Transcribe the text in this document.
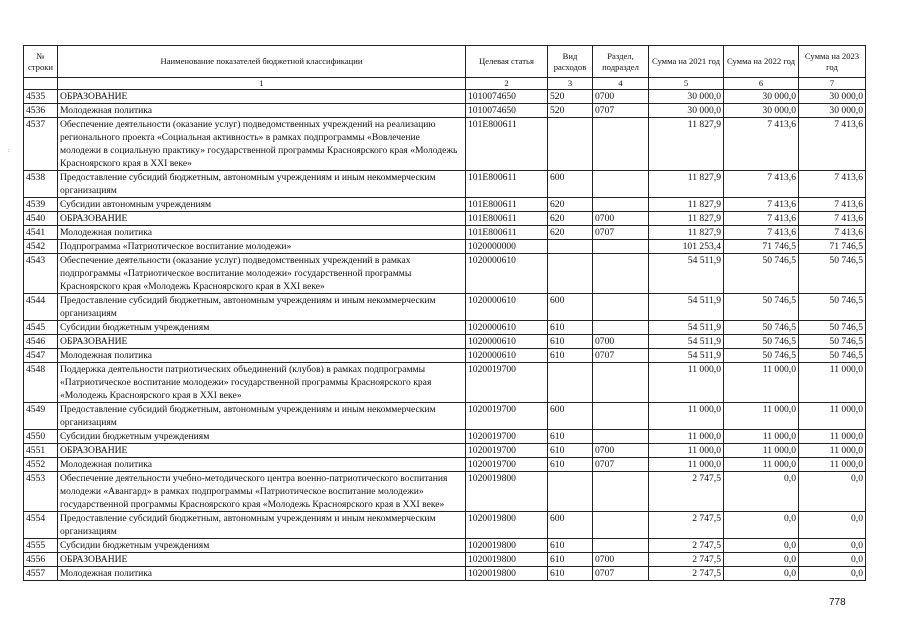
№ строки	Наименование показателей бюджетной классификации	Целевая статья	Вид расходов	Раздел, подраздел	Сумма на 2021 год	Сумма на 2022 год	Сумма на 2023 год
	1	2	3	4	5	6	7
4535	ОБРАЗОВАНИЕ	1010074650	520	0700	30 000,0	30 000,0	30 000,0
4536	Молодежная политика	1010074650	520	0707	30 000,0	30 000,0	30 000,0
4537	Обеспечение деятельности (оказание услуг) подведомственных учреждений на реализацию регионального проекта «Социальная активность» в рамках подпрограммы «Вовлечение молодежи в социальную практику» государственной программы Красноярского края «Молодежь Красноярского края в XXI веке»	101E800611			11 827,9	7 413,6	7 413,6
4538	Предоставление субсидий бюджетным, автономным учреждениям и иным некоммерческим организациям	101E800611	600		11 827,9	7 413,6	7 413,6
4539	Субсидии автономным учреждениям	101E800611	620		11 827,9	7 413,6	7 413,6
4540	ОБРАЗОВАНИЕ	101E800611	620	0700	11 827,9	7 413,6	7 413,6
4541	Молодежная политика	101E800611	620	0707	11 827,9	7 413,6	7 413,6
4542	Подпрограмма «Патриотическое воспитание молодежи»	1020000000			101 253,4	71 746,5	71 746,5
4543	Обеспечение деятельности (оказание услуг) подведомственных учреждений в рамках подпрограммы «Патриотическое воспитание молодежи» государственной программы Красноярского края «Молодежь Красноярского края в XXI веке»	1020000610			54 511,9	50 746,5	50 746,5
4544	Предоставление субсидий бюджетным, автономным учреждениям и иным некоммерческим организациям	1020000610	600		54 511,9	50 746,5	50 746,5
4545	Субсидии бюджетным учреждениям	1020000610	610		54 511,9	50 746,5	50 746,5
4546	ОБРАЗОВАНИЕ	1020000610	610	0700	54 511,9	50 746,5	50 746,5
4547	Молодежная политика	1020000610	610	0707	54 511,9	50 746,5	50 746,5
4548	Поддержка деятельности патриотических объединений (клубов) в рамках подпрограммы «Патриотическое воспитание молодежи» государственной программы Красноярского края «Молодежь Красноярского края в XXI веке»	1020019700			11 000,0	11 000,0	11 000,0
4549	Предоставление субсидий бюджетным, автономным учреждениям и иным некоммерческим организациям	1020019700	600		11 000,0	11 000,0	11 000,0
4550	Субсидии бюджетным учреждениям	1020019700	610		11 000,0	11 000,0	11 000,0
4551	ОБРАЗОВАНИЕ	1020019700	610	0700	11 000,0	11 000,0	11 000,0
4552	Молодежная политика	1020019700	610	0707	11 000,0	11 000,0	11 000,0
4553	Обеспечение деятельности учебно-методического центра военно-патриотического воспитания молодежи «Авангард» в рамках подпрограммы «Патриотическое воспитание молодежи» государственной программы Красноярского края «Молодежь Красноярского края в XXI веке»	1020019800			2 747,5	0,0	0,0
4554	Предоставление субсидий бюджетным, автономным учреждениям и иным некоммерческим организациям	1020019800	600		2 747,5	0,0	0,0
4555	Субсидии бюджетным учреждениям	1020019800	610		2 747,5	0,0	0,0
4556	ОБРАЗОВАНИЕ	1020019800	610	0700	2 747,5	0,0	0,0
4557	Молодежная политика	1020019800	610	0707	2 747,5	0,0	0,0
:
778
